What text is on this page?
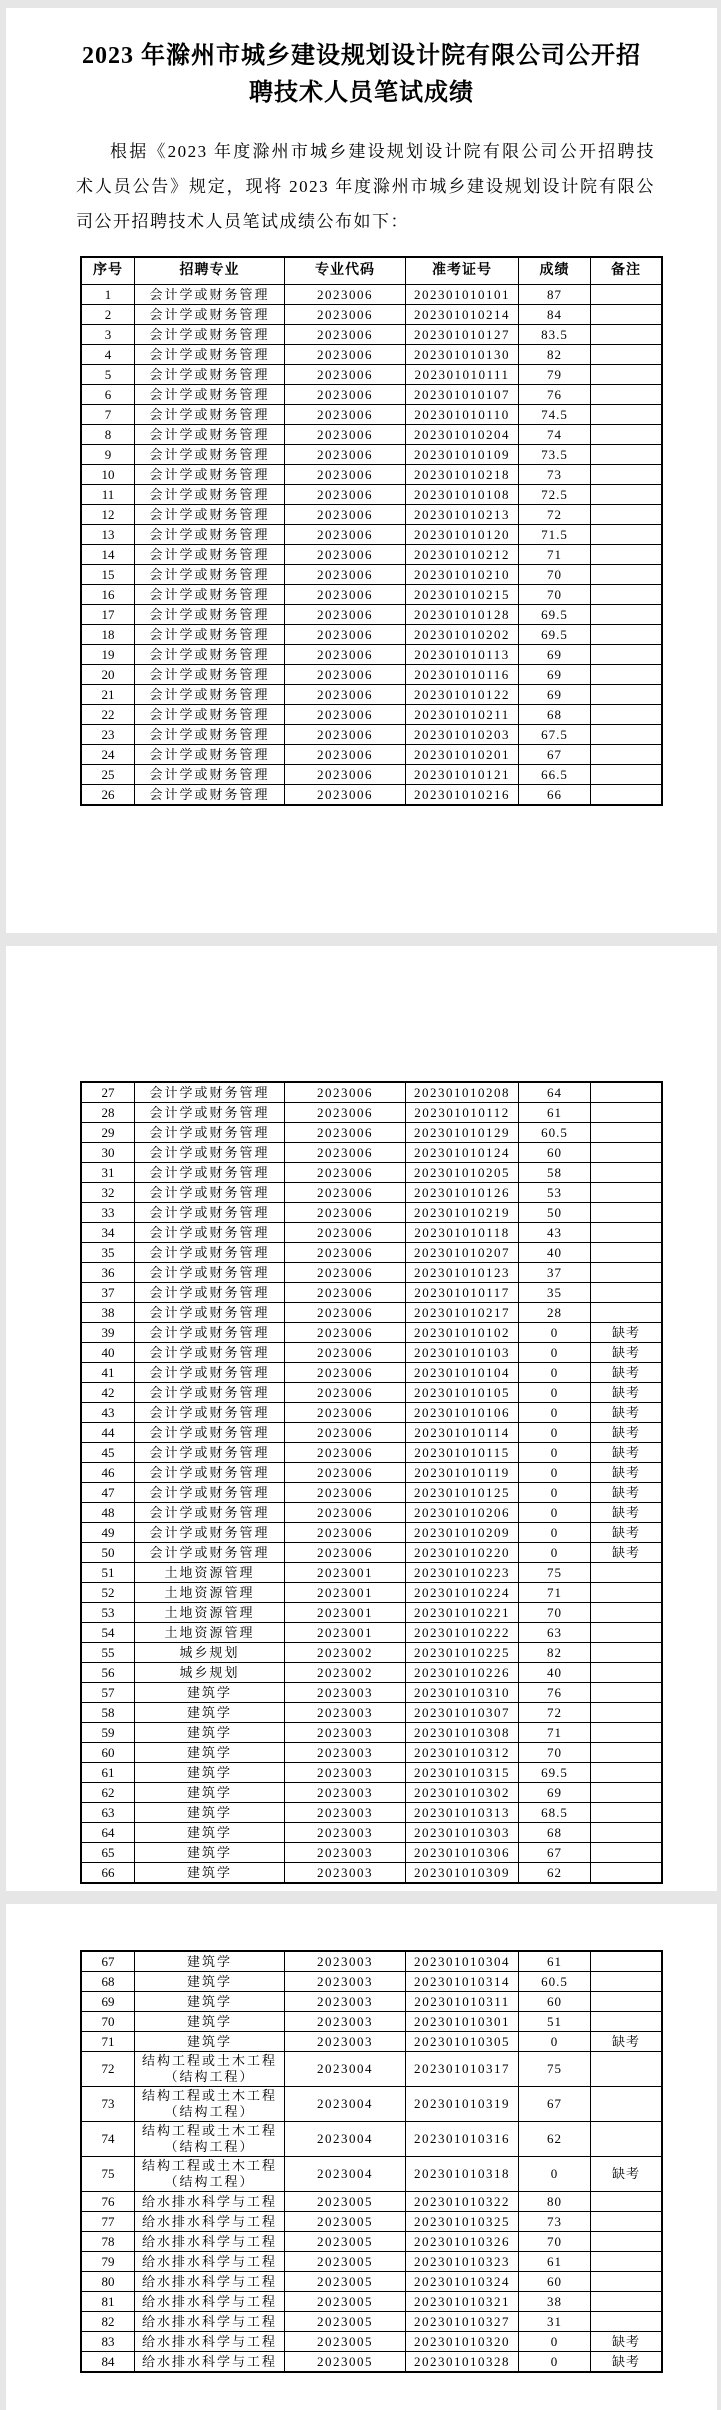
2023 年滁州市城乡建设规划设计院有限公司公开招聘技术人员笔试成绩

根据《2023 年度滁州市城乡建设规划设计院有限公司公开招聘技术人员公告》规定，现将 2023 年度滁州市城乡建设规划设计院有限公司公开招聘技术人员笔试成绩公布如下：

序号	招聘专业	专业代码	准考证号	成绩	备注
1	会计学或财务管理	2023006	202301010101	87	
2	会计学或财务管理	2023006	202301010214	84	
3	会计学或财务管理	2023006	202301010127	83.5	
4	会计学或财务管理	2023006	202301010130	82	
5	会计学或财务管理	2023006	202301010111	79	
6	会计学或财务管理	2023006	202301010107	76	
7	会计学或财务管理	2023006	202301010110	74.5	
8	会计学或财务管理	2023006	202301010204	74	
9	会计学或财务管理	2023006	202301010109	73.5	
10	会计学或财务管理	2023006	202301010218	73	
11	会计学或财务管理	2023006	202301010108	72.5	
12	会计学或财务管理	2023006	202301010213	72	
13	会计学或财务管理	2023006	202301010120	71.5	
14	会计学或财务管理	2023006	202301010212	71	
15	会计学或财务管理	2023006	202301010210	70	
16	会计学或财务管理	2023006	202301010215	70	
17	会计学或财务管理	2023006	202301010128	69.5	
18	会计学或财务管理	2023006	202301010202	69.5	
19	会计学或财务管理	2023006	202301010113	69	
20	会计学或财务管理	2023006	202301010116	69	
21	会计学或财务管理	2023006	202301010122	69	
22	会计学或财务管理	2023006	202301010211	68	
23	会计学或财务管理	2023006	202301010203	67.5	
24	会计学或财务管理	2023006	202301010201	67	
25	会计学或财务管理	2023006	202301010121	66.5	
26	会计学或财务管理	2023006	202301010216	66	
27	会计学或财务管理	2023006	202301010208	64	
28	会计学或财务管理	2023006	202301010112	61	
29	会计学或财务管理	2023006	202301010129	60.5	
30	会计学或财务管理	2023006	202301010124	60	
31	会计学或财务管理	2023006	202301010205	58	
32	会计学或财务管理	2023006	202301010126	53	
33	会计学或财务管理	2023006	202301010219	50	
34	会计学或财务管理	2023006	202301010118	43	
35	会计学或财务管理	2023006	202301010207	40	
36	会计学或财务管理	2023006	202301010123	37	
37	会计学或财务管理	2023006	202301010117	35	
38	会计学或财务管理	2023006	202301010217	28	
39	会计学或财务管理	2023006	202301010102	0	缺考
40	会计学或财务管理	2023006	202301010103	0	缺考
41	会计学或财务管理	2023006	202301010104	0	缺考
42	会计学或财务管理	2023006	202301010105	0	缺考
43	会计学或财务管理	2023006	202301010106	0	缺考
44	会计学或财务管理	2023006	202301010114	0	缺考
45	会计学或财务管理	2023006	202301010115	0	缺考
46	会计学或财务管理	2023006	202301010119	0	缺考
47	会计学或财务管理	2023006	202301010125	0	缺考
48	会计学或财务管理	2023006	202301010206	0	缺考
49	会计学或财务管理	2023006	202301010209	0	缺考
50	会计学或财务管理	2023006	202301010220	0	缺考
51	土地资源管理	2023001	202301010223	75	
52	土地资源管理	2023001	202301010224	71	
53	土地资源管理	2023001	202301010221	70	
54	土地资源管理	2023001	202301010222	63	
55	城乡规划	2023002	202301010225	82	
56	城乡规划	2023002	202301010226	40	
57	建筑学	2023003	202301010310	76	
58	建筑学	2023003	202301010307	72	
59	建筑学	2023003	202301010308	71	
60	建筑学	2023003	202301010312	70	
61	建筑学	2023003	202301010315	69.5	
62	建筑学	2023003	202301010302	69	
63	建筑学	2023003	202301010313	68.5	
64	建筑学	2023003	202301010303	68	
65	建筑学	2023003	202301010306	67	
66	建筑学	2023003	202301010309	62	
67	建筑学	2023003	202301010304	61	
68	建筑学	2023003	202301010314	60.5	
69	建筑学	2023003	202301010311	60	
70	建筑学	2023003	202301010301	51	
71	建筑学	2023003	202301010305	0	缺考
72	结构工程或土木工程（结构工程）	2023004	202301010317	75	
73	结构工程或土木工程（结构工程）	2023004	202301010319	67	
74	结构工程或土木工程（结构工程）	2023004	202301010316	62	
75	结构工程或土木工程（结构工程）	2023004	202301010318	0	缺考
76	给水排水科学与工程	2023005	202301010322	80	
77	给水排水科学与工程	2023005	202301010325	73	
78	给水排水科学与工程	2023005	202301010326	70	
79	给水排水科学与工程	2023005	202301010323	61	
80	给水排水科学与工程	2023005	202301010324	60	
81	给水排水科学与工程	2023005	202301010321	38	
82	给水排水科学与工程	2023005	202301010327	31	
83	给水排水科学与工程	2023005	202301010320	0	缺考
84	给水排水科学与工程	2023005	202301010328	0	缺考
